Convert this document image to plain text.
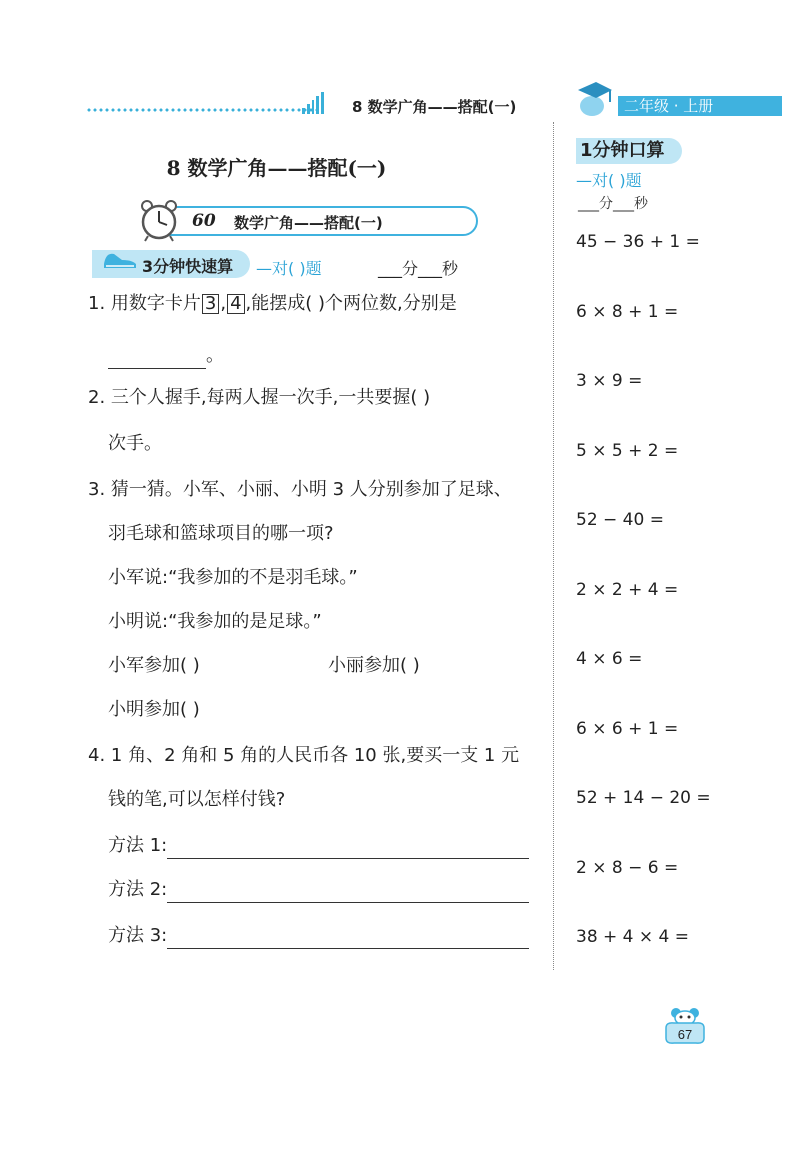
8 数学广角——搭配(一)	二年级 · 上册
8 数学广角——搭配(一)
60 数学广角——搭配(一)
3分钟快速算 —对( )题	___分___秒
1. 用数字卡片 3 , 4 ,能摆成( )个两位数,分别是
。
2. 三个人握手,每两人握一次手,一共要握( )
次手。
3. 猜一猜。小军、小丽、小明 3 人分别参加了足球、
羽毛球和篮球项目的哪一项?
小军说:“我参加的不是羽毛球。”
小明说:“我参加的是足球。”
小军参加( )	小丽参加( )
小明参加( )
4. 1 角、2 角和 5 角的人民币各 10 张,要买一支 1 元
钱的笔,可以怎样付钱?
方法 1:
方法 2:
方法 3:
1分钟口算
—对( )题
___分___秒
45 − 36 + 1 =
6 × 8 + 1 =
3 × 9 =
5 × 5 + 2 =
52 − 40 =
2 × 2 + 4 =
4 × 6 =
6 × 6 + 1 =
52 + 14 − 20 =
2 × 8 − 6 =
38 + 4 × 4 =
67
